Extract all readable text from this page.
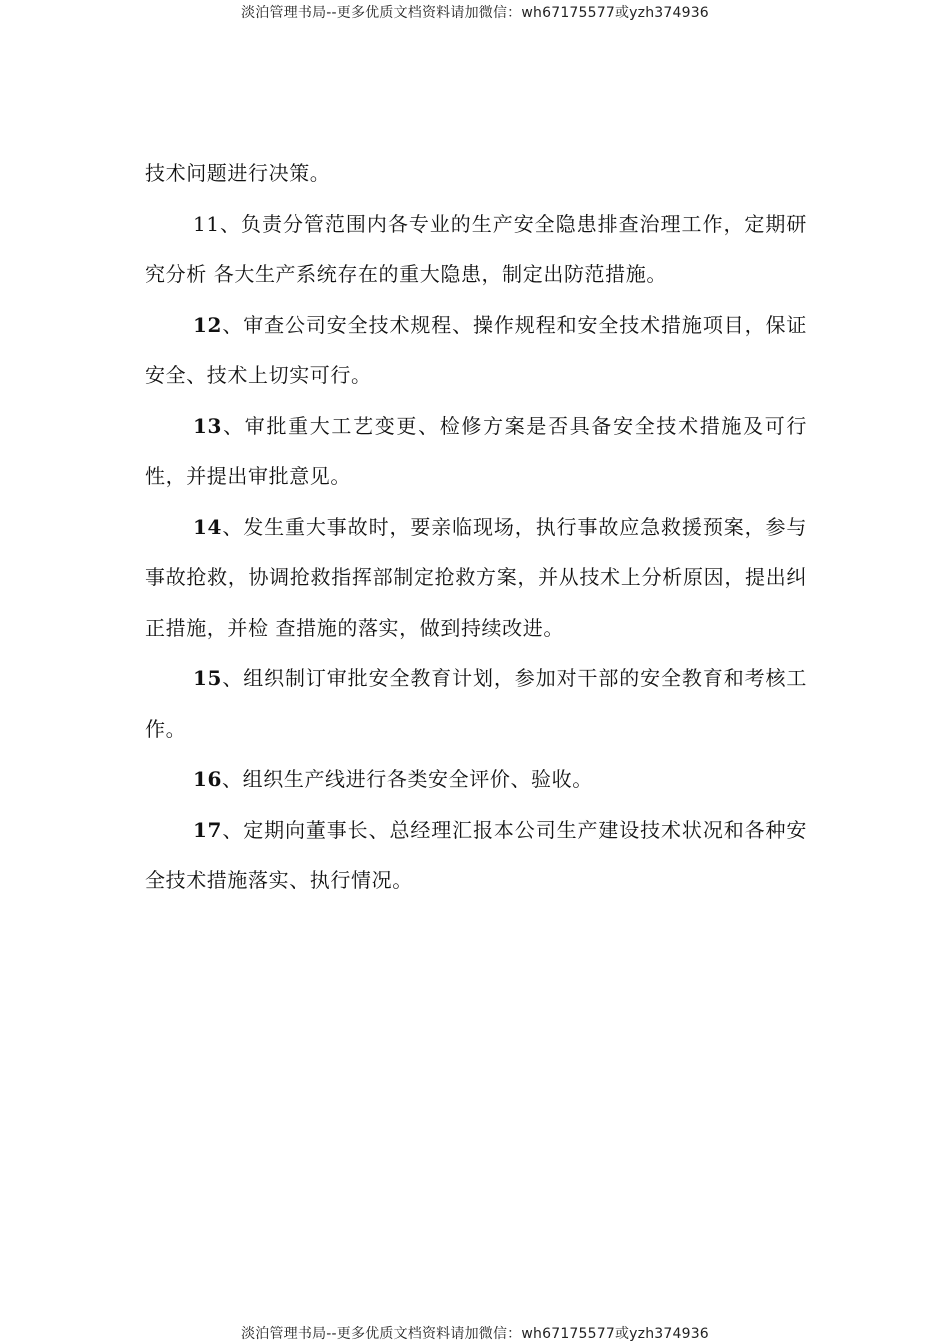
淡泊管理书局--更多优质文档资料请加微信：wh67175577或yzh374936

技术问题进行决策。

11、负责分管范围内各专业的生产安全隐患排查治理工作，定期研究分析 各大生产系统存在的重大隐患，制定出防范措施。

12、审查公司安全技术规程、操作规程和安全技术措施项目，保证安全、技术上切实可行。

13、审批重大工艺变更、检修方案是否具备安全技术措施及可行性，并提出审批意见。

14、发生重大事故时，要亲临现场，执行事故应急救援预案，参与事故抢救，协调抢救指挥部制定抢救方案，并从技术上分析原因，提出纠正措施，并检 查措施的落实，做到持续改进。

15、组织制订审批安全教育计划，参加对干部的安全教育和考核工作。

16、组织生产线进行各类安全评价、验收。

17、定期向董事长、总经理汇报本公司生产建设技术状况和各种安全技术措施落实、执行情况。

淡泊管理书局--更多优质文档资料请加微信：wh67175577或yzh374936
